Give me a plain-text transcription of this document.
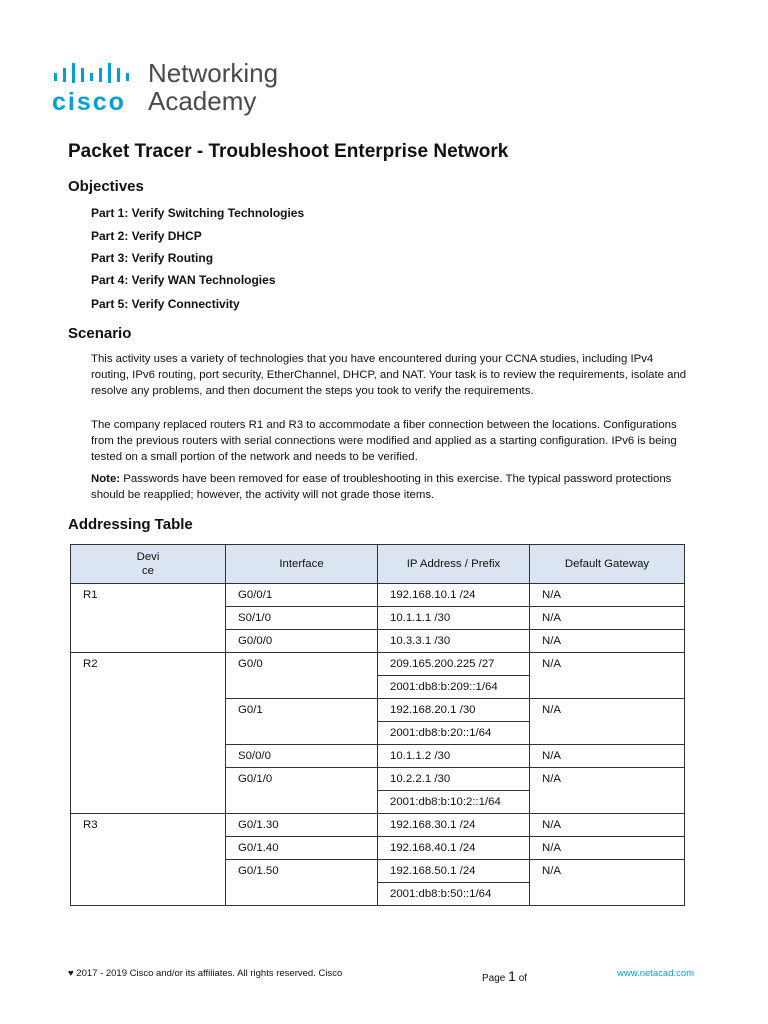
cisco
Networking
Academy
Packet Tracer - Troubleshoot Enterprise Network
Objectives
Part 1: Verify Switching Technologies
Part 2: Verify DHCP
Part 3: Verify Routing
Part 4: Verify WAN Technologies
Part 5: Verify Connectivity
Scenario

This activity uses a variety of technologies that you have encountered during your CCNA studies, including IPv4 routing, IPv6 routing, port security, EtherChannel, DHCP, and NAT. Your task is to review the requirements, isolate and resolve any problems, and then document the steps you took to verify the requirements.

The company replaced routers R1 and R3 to accommodate a fiber connection between the locations. Configurations from the previous routers with serial connections were modified and applied as a starting configuration. IPv6 is being tested on a small portion of the network and needs to be verified.

Note: Passwords have been removed for ease of troubleshooting in this exercise. The typical password protections should be reapplied; however, the activity will not grade those items.

Addressing Table
Devi
ce	Interface	IP Address / Prefix	Default Gateway
R1	G0/0/1	192.168.10.1 /24	N/A
	S0/1/0	10.1.1.1 /30	N/A
	G0/0/0	10.3.3.1 /30	N/A
R2	G0/0	209.165.200.225 /27	N/A
		2001:db8:b:209::1/64	
	G0/1	192.168.20.1 /30	N/A
		2001:db8:b:20::1/64	
	S0/0/0	10.1.1.2 /30	N/A
	G0/1/0	10.2.2.1 /30	N/A
		2001:db8:b:10:2::1/64	
R3	G0/1.30	192.168.30.1 /24	N/A
	G0/1.40	192.168.40.1 /24	N/A
	G0/1.50	192.168.50.1 /24	N/A
		2001:db8:b:50::1/64	
♥ 2017 - 2019 Cisco and/or its affiliates. All rights reserved. Cisco	Page 1 of	www.netacad.com
